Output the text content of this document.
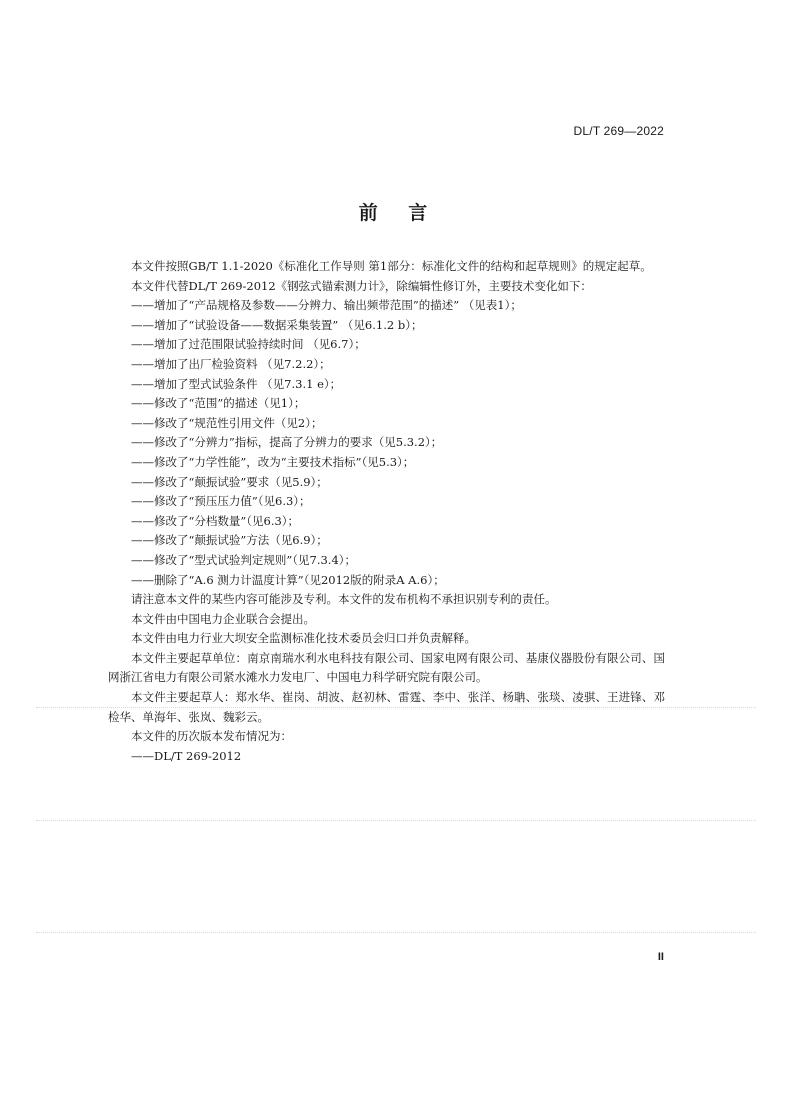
DL/T 269—2022
前 言

本文件按照GB/T 1.1-2020《标准化工作导则 第1部分：标准化文件的结构和起草规则》的规定起草。

本文件代替DL/T 269-2012《钢弦式锚索测力计》，除编辑性修订外，主要技术变化如下：

——增加了“产品规格及参数——分辨力、输出频带范围”的描述” （见表1）；

——增加了“试验设备——数据采集装置” （见6.1.2 b）；

——增加了过范围限试验持续时间 （见6.7）；

——增加了出厂检验资料 （见7.2.2）；

——增加了型式试验条件 （见7.3.1 e）；

——修改了“范围”的描述（见1）；

——修改了“规范性引用文件（见2）；

——修改了“分辨力”指标，提高了分辨力的要求（见5.3.2）；

——修改了“力学性能”，改为“主要技术指标”（见5.3）；

——修改了“颠振试验”要求（见5.9）；

——修改了“预压压力值”（见6.3）；

——修改了“分档数量”（见6.3）；

——修改了“颠振试验”方法（见6.9）；

——修改了“型式试验判定规则”（见7.3.4）；

——删除了“A.6 测力计温度计算”（见2012版的附录A A.6）；

请注意本文件的某些内容可能涉及专利。本文件的发布机构不承担识别专利的责任。

本文件由中国电力企业联合会提出。

本文件由电力行业大坝安全监测标准化技术委员会归口并负责解释。

本文件主要起草单位：南京南瑞水利水电科技有限公司、国家电网有限公司、基康仪器股份有限公司、国网浙江省电力有限公司紧水滩水力发电厂、中国电力科学研究院有限公司。

本文件主要起草人：郑水华、崔岗、胡波、赵初林、雷霆、李中、张洋、杨聃、张琰、凌骐、王进锋、邓检华、单海年、张岚、魏彩云。

本文件的历次版本发布情况为：

——DL/T 269-2012

II
